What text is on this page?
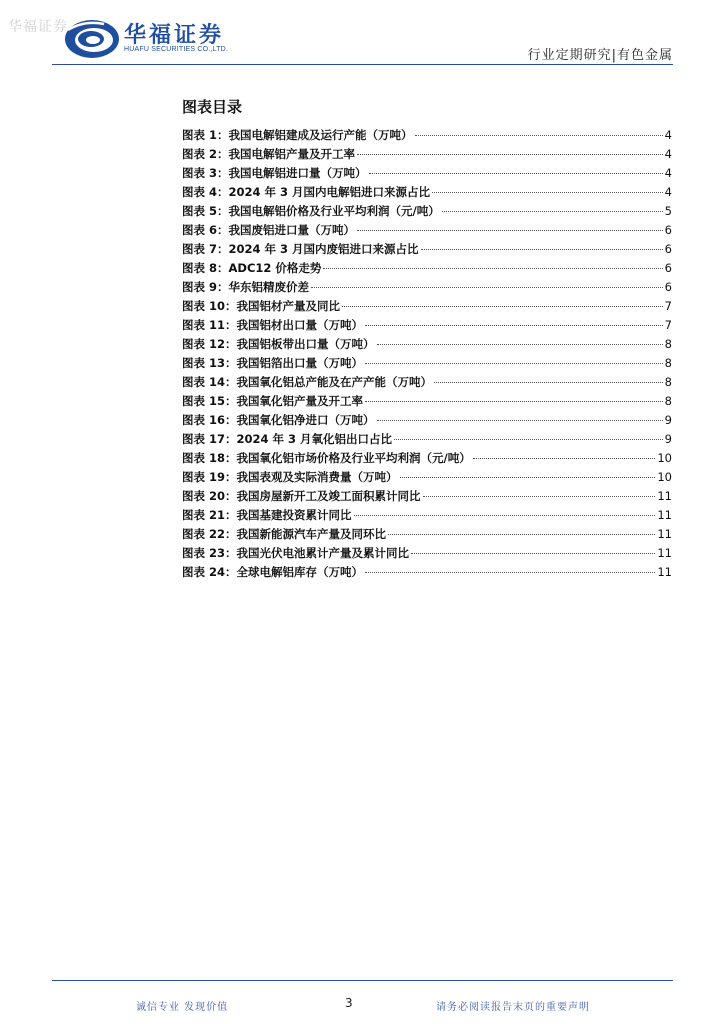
华福证券	华福证券
HUAFU SECURITIES CO.,LTD.	行业定期研究|有色金属
图表目录
图表 1 ： 我国电解铝建成及运行产能（万吨）	4
图表 2 ： 我国电解铝产量及开工率	4
图表 3 ： 我国电解铝进口量（万吨）	4
图表 4 ： 2024 年 3 月国内电解铝进口来源占比	4
图表 5 ： 我国电解铝价格及行业平均利润（元/吨）	5
图表 6 ： 我国废铝进口量（万吨）	6
图表 7 ： 2024 年 3 月国内废铝进口来源占比	6
图表 8 ： ADC12 价格走势	6
图表 9 ： 华东铝精废价差	6
图表 10 ： 我国铝材产量及同比	7
图表 11 ： 我国铝材出口量（万吨）	7
图表 12 ： 我国铝板带出口量（万吨）	8
图表 13 ： 我国铝箔出口量（万吨）	8
图表 14 ： 我国氧化铝总产能及在产产能（万吨）	8
图表 15 ： 我国氧化铝产量及开工率	8
图表 16 ： 我国氧化铝净进口（万吨）	9
图表 17 ： 2024 年 3 月氧化铝出口占比	9
图表 18 ： 我国氧化铝市场价格及行业平均利润（元/吨）	10
图表 19 ： 我国表观及实际消费量（万吨）	10
图表 20 ： 我国房屋新开工及竣工面积累计同比	11
图表 21 ： 我国基建投资累计同比	11
图表 22 ： 我国新能源汽车产量及同环比	11
图表 23 ： 我国光伏电池累计产量及累计同比	11
图表 24 ： 全球电解铝库存（万吨）	11
诚信专业 发现价值	3	请务必阅读报告末页的重要声明
